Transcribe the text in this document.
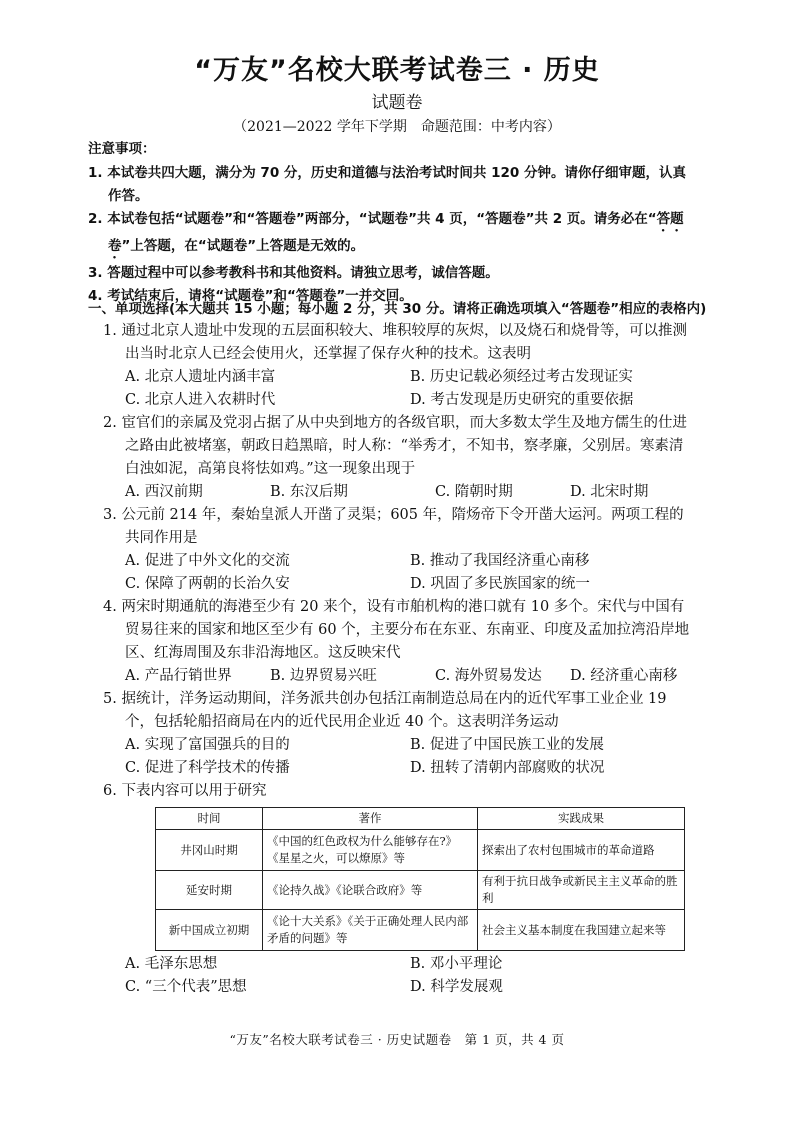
“万友”名校大联考试卷三 · 历史
试题卷
（2021—2022 学年下学期　命题范围：中考内容）
注意事项：
1. 本试卷共四大题，满分为 70 分，历史和道德与法治考试时间共 120 分钟。请你仔细审题，认真作答。
2. 本试卷包括“试题卷”和“答题卷”两部分，“试题卷”共 4 页，“答题卷”共 2 页。请务必在“答题卷”上答题，在“试题卷”上答题是无效的。
3. 答题过程中可以参考教科书和其他资料。请独立思考，诚信答题。
4. 考试结束后，请将“试题卷”和“答题卷”一并交回。
一、单项选择(本大题共 15 小题；每小题 2 分，共 30 分。请将正确选项填入“答题卷”相应的表格内)
1. 通过北京人遗址中发现的五层面积较大、堆积较厚的灰烬，以及烧石和烧骨等，可以推测出当时北京人已经会使用火，还掌握了保存火种的技术。这表明
A. 北京人遗址内涵丰富	B. 历史记载必须经过考古发现证实
C. 北京人进入农耕时代	D. 考古发现是历史研究的重要依据
2. 宦官们的亲属及党羽占据了从中央到地方的各级官职，而大多数太学生及地方儒生的仕进之路由此被堵塞，朝政日趋黑暗，时人称：“举秀才，不知书，察孝廉，父别居。寒素清白浊如泥，高第良将怯如鸡。”这一现象出现于
A. 西汉前期	B. 东汉后期	C. 隋朝时期	D. 北宋时期
3. 公元前 214 年，秦始皇派人开凿了灵渠；605 年，隋炀帝下令开凿大运河。两项工程的共同作用是
A. 促进了中外文化的交流	B. 推动了我国经济重心南移
C. 保障了两朝的长治久安	D. 巩固了多民族国家的统一
4. 两宋时期通航的海港至少有 20 来个，设有市舶机构的港口就有 10 多个。宋代与中国有贸易往来的国家和地区至少有 60 个，主要分布在东亚、东南亚、印度及孟加拉湾沿岸地区、红海周围及东非沿海地区。这反映宋代
A. 产品行销世界	B. 边界贸易兴旺	C. 海外贸易发达	D. 经济重心南移
5. 据统计，洋务运动期间，洋务派共创办包括江南制造总局在内的近代军事工业企业 19 个，包括轮船招商局在内的近代民用企业近 40 个。这表明洋务运动
A. 实现了富国强兵的目的	B. 促进了中国民族工业的发展
C. 促进了科学技术的传播	D. 扭转了清朝内部腐败的状况
6. 下表内容可以用于研究
时间	著作	实践成果
井冈山时期	《中国的红色政权为什么能够存在?》《星星之火，可以燎原》等	探索出了农村包围城市的革命道路
延安时期	《论持久战》《论联合政府》等	有利于抗日战争或新民主主义革命的胜利
新中国成立初期	《论十大关系》《关于正确处理人民内部矛盾的问题》等	社会主义基本制度在我国建立起来等
A. 毛泽东思想	B. 邓小平理论
C. “三个代表”思想	D. 科学发展观
“万友”名校大联考试卷三 · 历史试题卷　第 1 页，共 4 页
